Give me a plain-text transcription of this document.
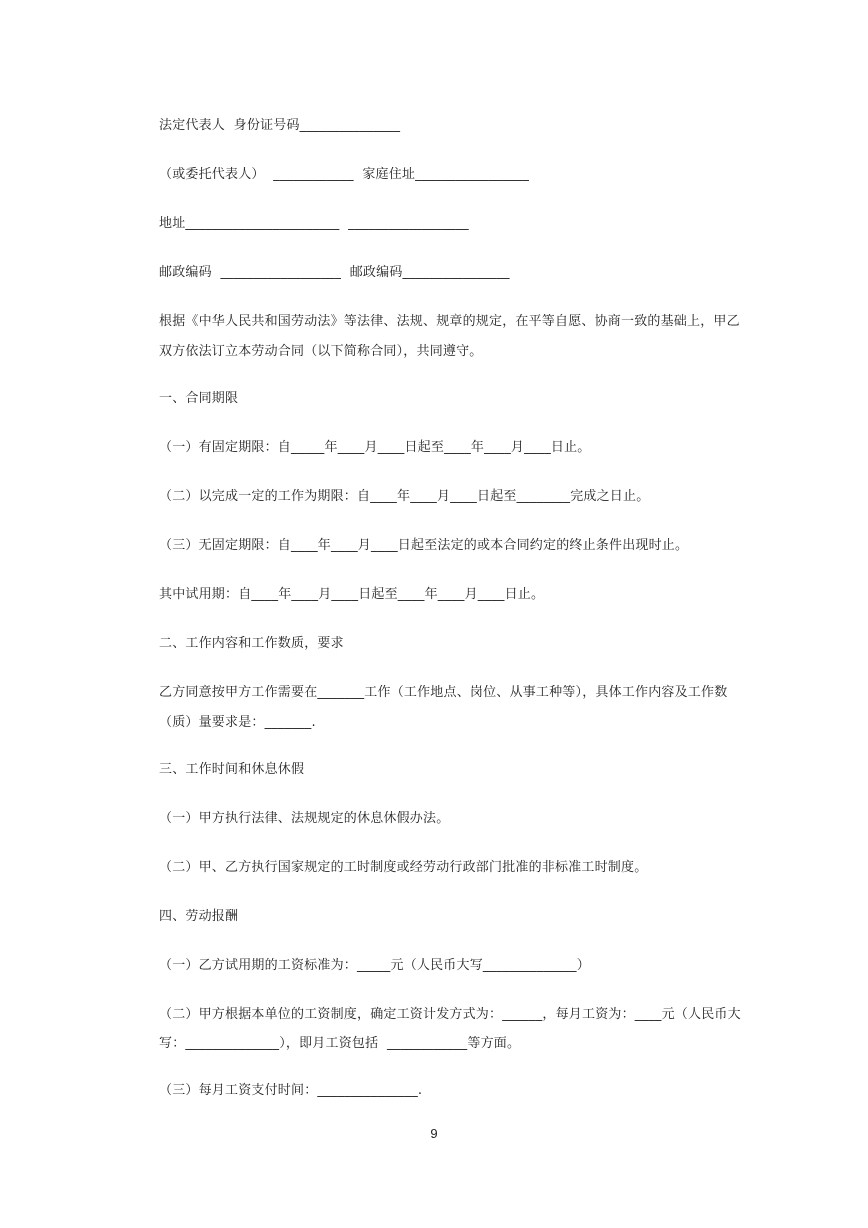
法定代表人  身份证号码_______________
（或委托代表人）  ____________  家庭住址_________________
地址_______________________  __________________
邮政编码  __________________  邮政编码________________
根据《中华人民共和国劳动法》等法律、法规、规章的规定，在平等自愿、协商一致的基础上，甲乙
双方依法订立本劳动合同（以下简称合同），共同遵守。
一、合同期限
（一）有固定期限：自_____年____月____日起至____年____月____日止。
（二）以完成一定的工作为期限：自____年____月____日起至________完成之日止。
（三）无固定期限：自____年____月____日起至法定的或本合同约定的终止条件出现时止。
其中试用期：自____年____月____日起至____年____月____日止。
二、工作内容和工作数质，要求
乙方同意按甲方工作需要在_______工作（工作地点、岗位、从事工种等），具体工作内容及工作数
（质）量要求是：_______.
三、工作时间和休息休假
（一）甲方执行法律、法规规定的休息休假办法。
（二）甲、乙方执行国家规定的工时制度或经劳动行政部门批准的非标准工时制度。
四、劳动报酬
（一）乙方试用期的工资标准为：_____元（人民币大写______________）
（二）甲方根据本单位的工资制度，确定工资计发方式为：______，每月工资为：____元（人民币大
写：______________），即月工资包括  ____________等方面。
（三）每月工资支付时间：_______________.
9
